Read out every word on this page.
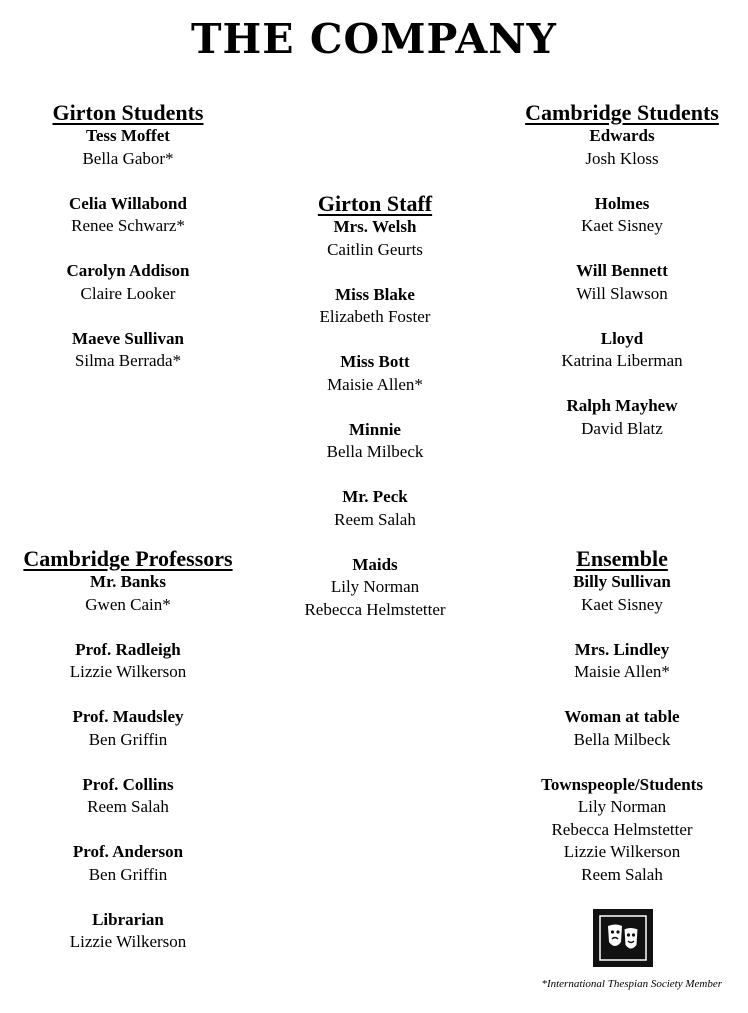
THE COMPANY
Girton Students
Tess Moffet
Bella Gabor*
Celia Willabond
Renee Schwarz*
Carolyn Addison
Claire Looker
Maeve Sullivan
Silma Berrada*
Girton Staff
Mrs. Welsh
Caitlin Geurts
Miss Blake
Elizabeth Foster
Miss Bott
Maisie Allen*
Minnie
Bella Milbeck
Mr. Peck
Reem Salah
Maids
Lily Norman
Rebecca Helmstetter
Cambridge Students
Edwards
Josh Kloss
Holmes
Kaet Sisney
Will Bennett
Will Slawson
Lloyd
Katrina Liberman
Ralph Mayhew
David Blatz
Cambridge Professors
Mr. Banks
Gwen Cain*
Prof. Radleigh
Lizzie Wilkerson
Prof. Maudsley
Ben Griffin
Prof. Collins
Reem Salah
Prof. Anderson
Ben Griffin
Librarian
Lizzie Wilkerson
Ensemble
Billy Sullivan
Kaet Sisney
Mrs. Lindley
Maisie Allen*
Woman at table
Bella Milbeck
Townspeople/Students
Lily Norman
Rebecca Helmstetter
Lizzie Wilkerson
Reem Salah
*International Thespian Society Member
